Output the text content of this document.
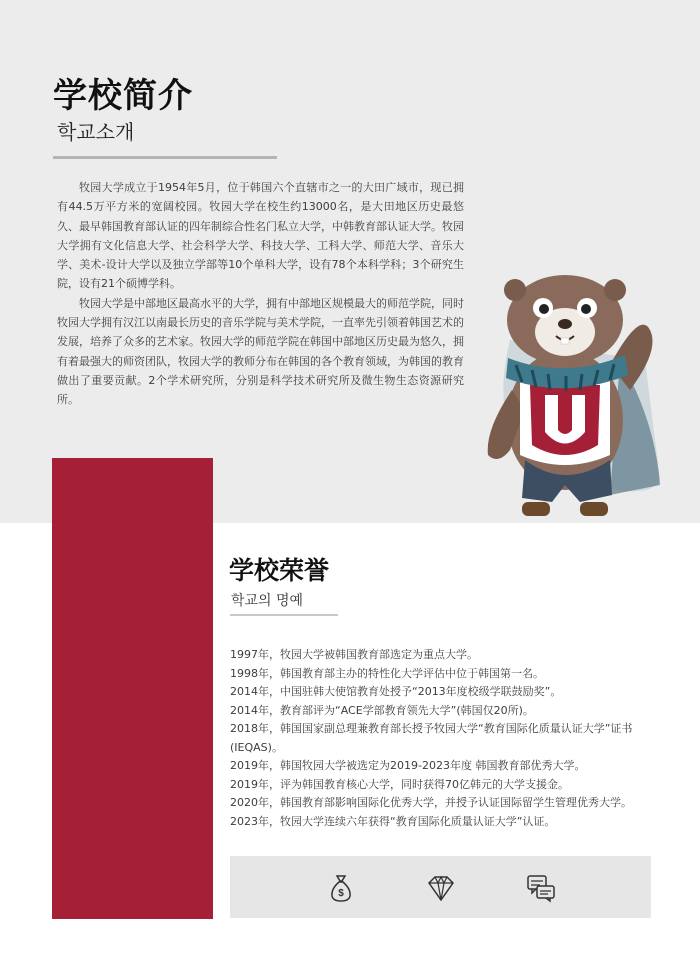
学校简介
학교소개

牧园大学成立于1954年5月，位于韩国六个直辖市之一的大田广域市，现已拥有44.5万平方米的宽阔校园。牧园大学在校生约13000名，是大田地区历史最悠久、最早韩国教育部认证的四年制综合性名门私立大学，中韩教育部认证大学。牧园大学拥有文化信息大学、社会科学大学、科技大学、工科大学、师范大学、音乐大学、美术-设计大学以及独立学部等10个单科大学，设有78个本科学科；3个研究生院，设有21个硕博学科。

牧园大学是中部地区最高水平的大学，拥有中部地区规模最大的师范学院，同时牧园大学拥有汉江以南最长历史的音乐学院与美术学院，一直率先引领着韩国艺术的发展，培养了众多的艺术家。牧园大学的师范学院在韩国中部地区历史最为悠久，拥有着最强大的师资团队，牧园大学的教师分布在韩国的各个教育领域，为韩国的教育做出了重要贡献。2个学术研究所，分别是科学技术研究所及微生物生态资源研究所。

学校荣誉
학교의 명예
1997年，牧园大学被韩国教育部选定为重点大学。
1998年，韩国教育部主办的特性化大学评估中位于韩国第一名。
2014年，中国驻韩大使馆教育处授予“2013年度校级学联鼓励奖”。
2014年，教育部评为“ACE学部教育领先大学”(韩国仅20所)。
2018年，韩国国家副总理兼教育部长授予牧园大学“教育国际化质量认证大学”证书(IEQAS)。
2019年，韩国牧园大学被选定为2019-2023年度 韩国教育部优秀大学。
2019年，评为韩国教育核心大学，同时获得70亿韩元的大学支援金。
2020年，韩国教育部影响国际化优秀大学，并授予认证国际留学生管理优秀大学。
2023年，牧园大学连续六年获得“教育国际化质量认证大学”认证。
$
